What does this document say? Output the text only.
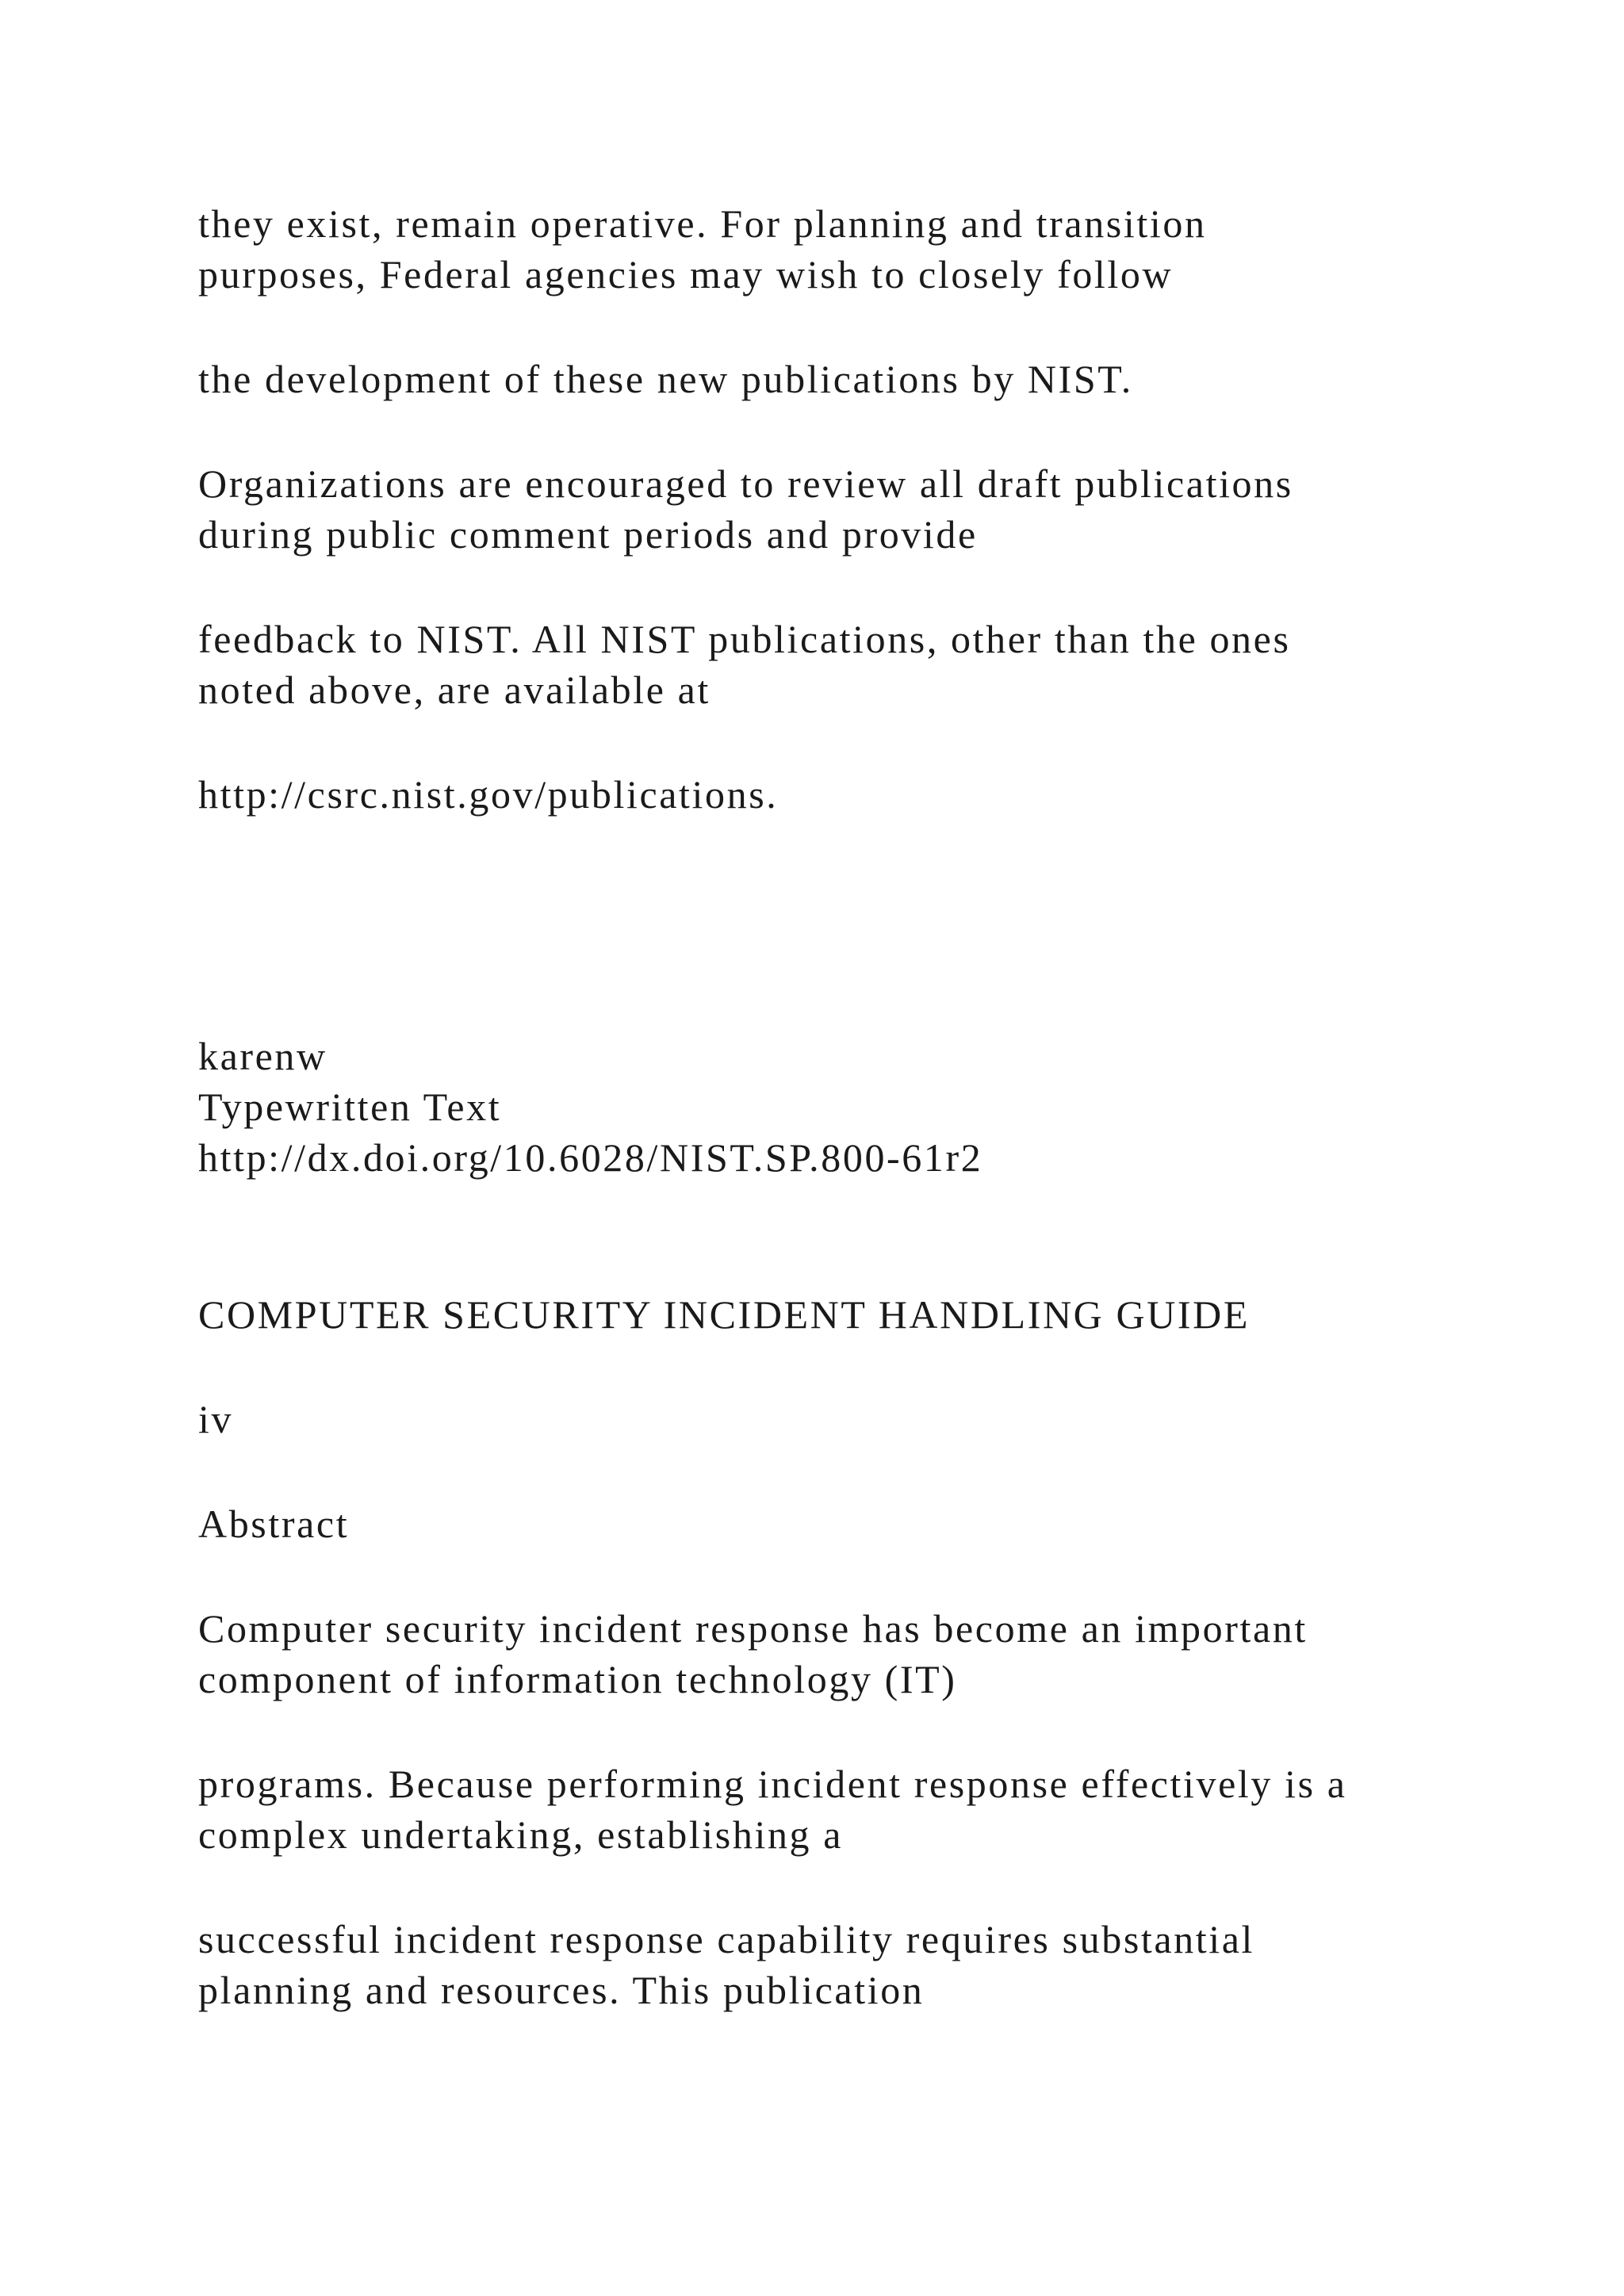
they exist, remain operative. For planning and transition

purposes, Federal agencies may wish to closely follow

the development of these new publications by NIST.

Organizations are encouraged to review all draft publications

during public comment periods and provide

feedback to NIST. All NIST publications, other than the ones

noted above, are available at

http://csrc.nist.gov/publications.

karenw

Typewritten Text

http://dx.doi.org/10.6028/NIST.SP.800-61r2

COMPUTER SECURITY INCIDENT HANDLING GUIDE

iv

Abstract

Computer security incident response has become an important

component of information technology (IT)

programs. Because performing incident response effectively is a

complex undertaking, establishing a

successful incident response capability requires substantial

planning and resources. This publication
